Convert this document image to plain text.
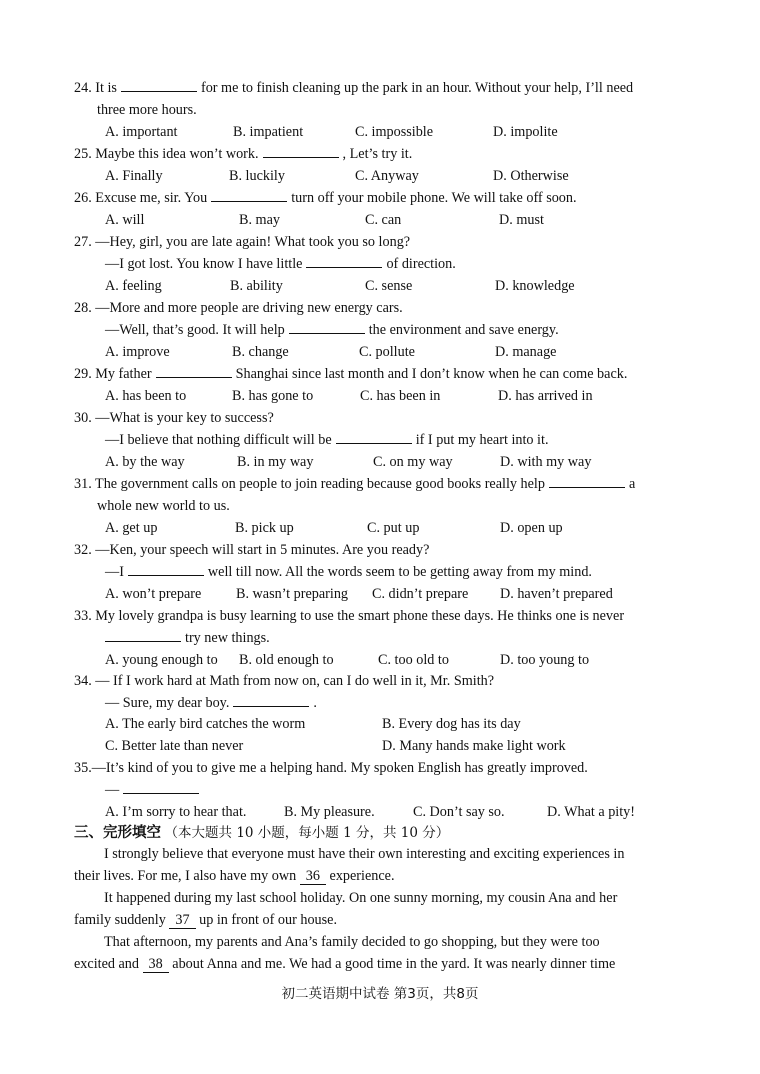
24. It is	for me to finish cleaning up the park in an hour. Without your help, I’ll need
three more hours.
A. important	B. impatient	C. impossible	D. impolite
25. Maybe this idea won’t work.	, Let’s try it.
A. Finally	B. luckily	C. Anyway	D. Otherwise
26. Excuse me, sir. You	turn off your mobile phone. We will take off soon.
A. will	B. may	C. can	D. must
27. —Hey, girl, you are late again! What took you so long?
—I got lost. You know I have little	of direction.
A. feeling	B. ability	C. sense	D. knowledge
28. —More and more people are driving new energy cars.
—Well, that’s good. It will help	the environment and save energy.
A. improve	B. change	C. pollute	D. manage
29. My father	Shanghai since last month and I don’t know when he can come back.
A. has been to	B. has gone to	C. has been in	D. has arrived in
30. —What is your key to success?
—I believe that nothing difficult will be	if I put my heart into it.
A. by the way	B. in my way	C. on my way	D. with my way
31. The government calls on people to join reading because good books really help	a
whole new world to us.
A. get up	B. pick up	C. put up	D. open up
32. —Ken, your speech will start in 5 minutes. Are you ready?
—I	well till now. All the words seem to be getting away from my mind.
A. won’t prepare B. wasn’t preparing C. didn’t prepare D. haven’t prepared
33. My lovely grandpa is busy learning to use the smart phone these days. He thinks one is never
try new things.
A. young enough to B. old enough to	C. too old to	D. too young to
34. — If I work hard at Math from now on, can I do well in it, Mr. Smith?
— Sure, my dear boy.	.
A. The early bird catches the worm	B. Every dog has its day
C. Better late than never	D. Many hands make light work
35.—It’s kind of you to give me a helping hand. My spoken English has greatly improved.
—
A. I’m sorry to hear that.	B. My pleasure.	C. Don’t say so.	D. What a pity!
三、完形填空 （本大题共 10 小题，每小题 1 分，共 10 分）
I strongly believe that everyone must have their own interesting and exciting experiences in
their lives. For me, I also have my own 36 experience.
It happened during my last school holiday. On one sunny morning, my cousin Ana and her
family suddenly 37 up in front of our house.
That afternoon, my parents and Ana’s family decided to go shopping, but they were too
excited and 38 about Anna and me. We had a good time in the yard. It was nearly dinner time
初二英语期中试卷 第3页，共8页
